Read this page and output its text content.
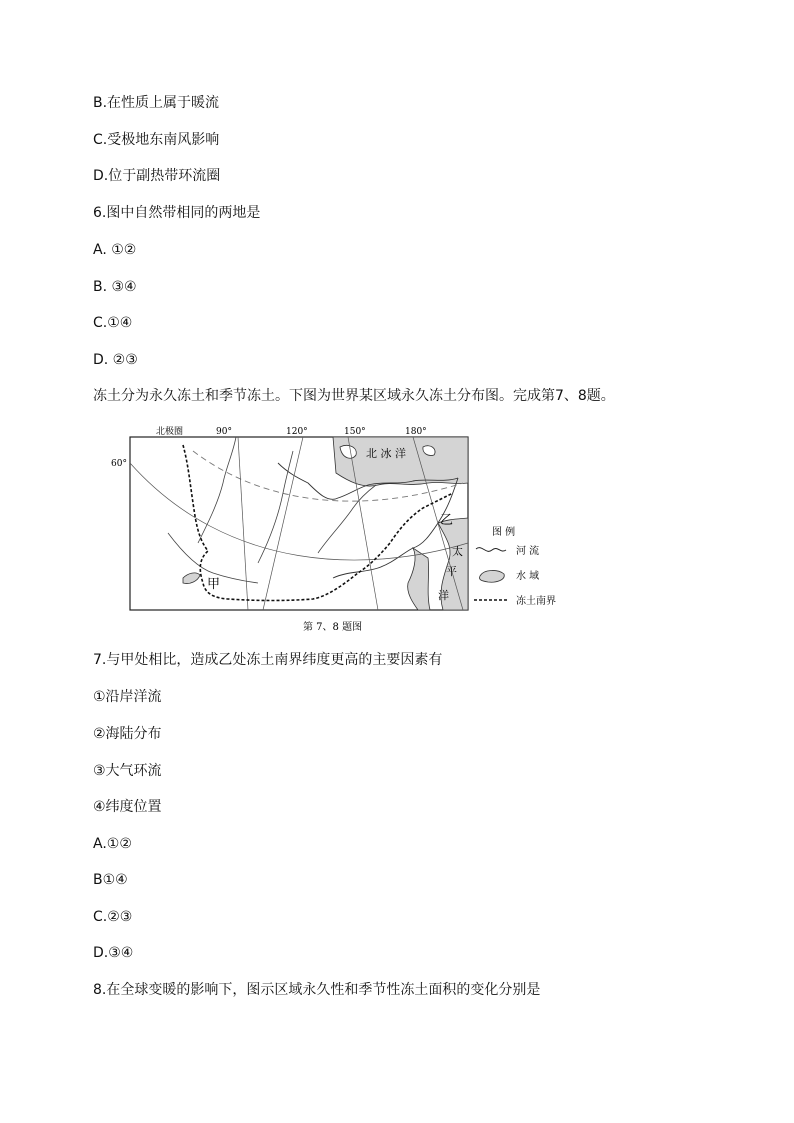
B.在性质上属于暖流
C.受极地东南风影响
D.位于副热带环流圈
6.图中自然带相同的两地是
A. ①②
B. ③④
C.①④
D. ②③
冻土分为永久冻土和季节冻土。下图为世界某区域永久冻土分布图。完成第7、8题。
北极圈	90°	120°	150°	180°
60°
北 冰 洋
太
平
洋
甲
乙
图 例
河 流
水 域
冻土南界
第 7、8 题图
7.与甲处相比，造成乙处冻土南界纬度更高的主要因素有
①沿岸洋流
②海陆分布
③大气环流
④纬度位置
A.①②
B①④
C.②③
D.③④
8.在全球变暖的影响下，图示区域永久性和季节性冻土面积的变化分别是
